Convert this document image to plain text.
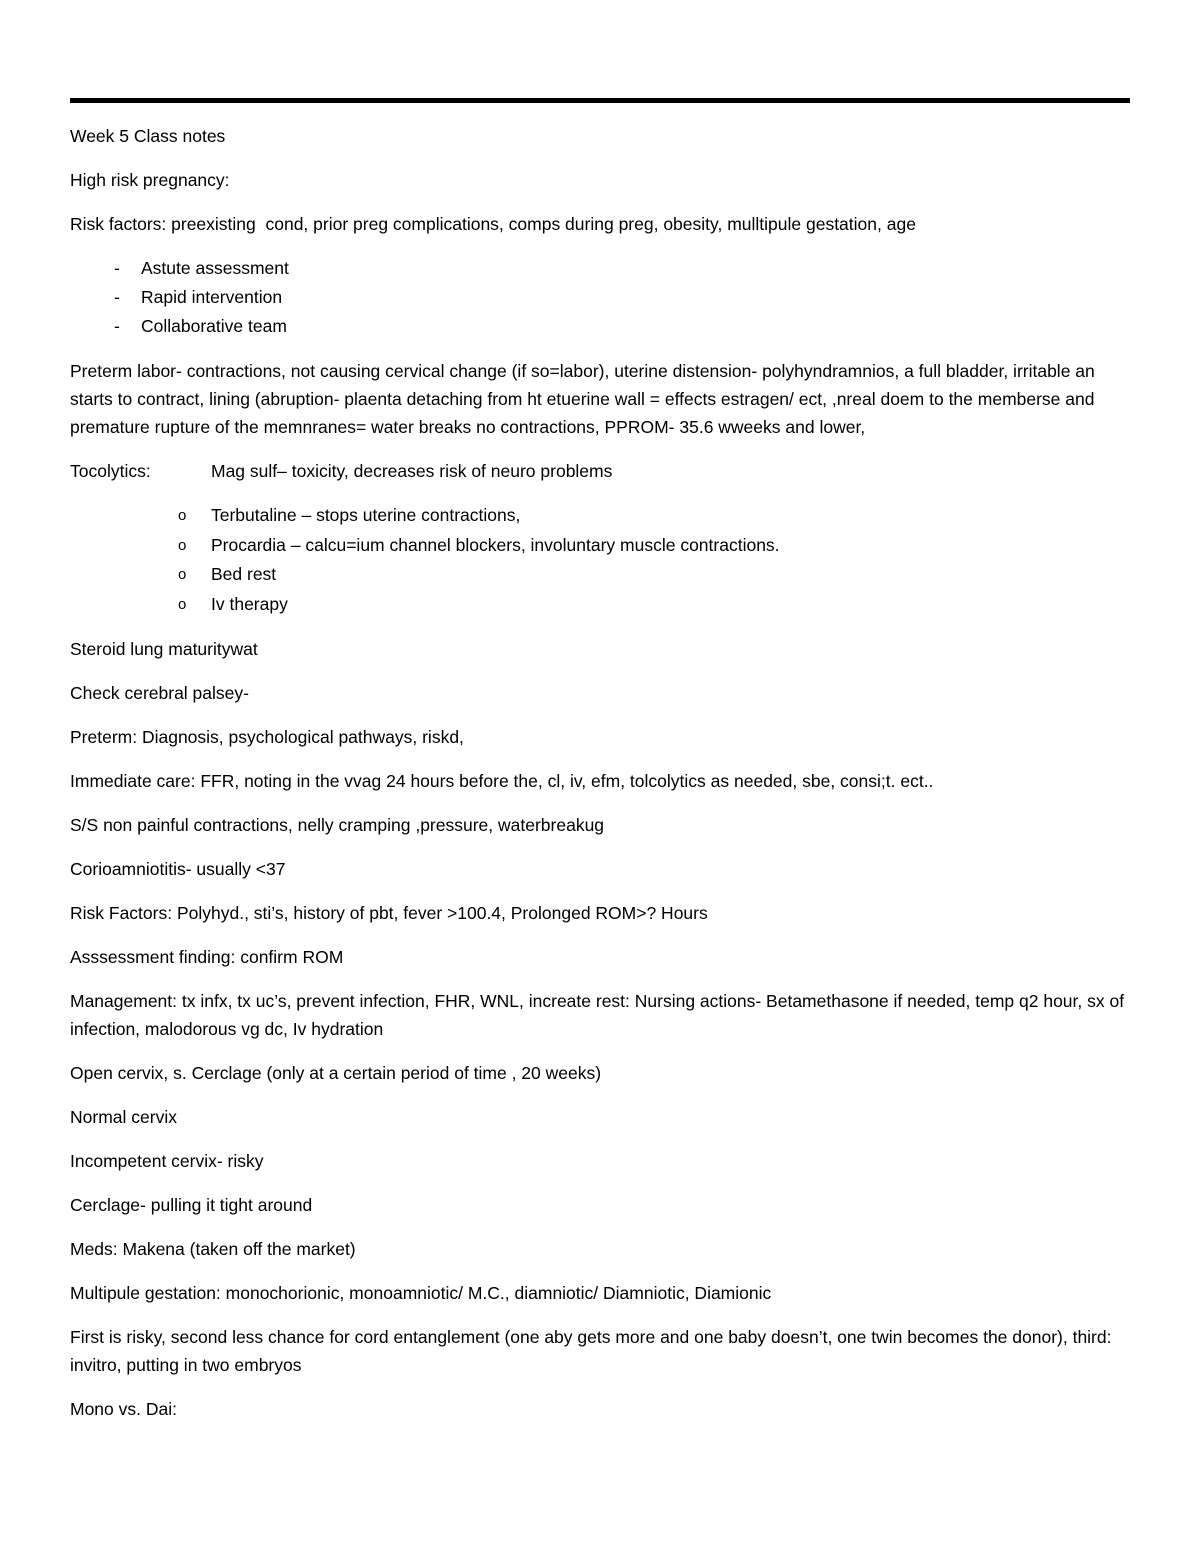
Week 5 Class notes

High risk pregnancy:

Risk factors: preexisting  cond, prior preg complications, comps during preg, obesity, mulltipule gestation, age

- Astute assessment
- Rapid intervention
- Collaborative team

Preterm labor- contractions, not causing cervical change (if so=labor), uterine distension- polyhyndramnios, a full bladder, irritable an starts to contract, lining (abruption- plaenta detaching from ht etuerine wall = effects estragen/ ect, ,nreal doem to the memberse and premature rupture of the memnranes= water breaks no contractions, PPROM- 35.6 wweeks and lower,

Tocolytics:	Mag sulf– toxicity, decreases risk of neuro problems
o Terbutaline – stops uterine contractions,
o Procardia – calcu=ium channel blockers, involuntary muscle contractions.
o Bed rest
o Iv therapy

Steroid lung maturitywat

Check cerebral palsey-

Preterm: Diagnosis, psychological pathways, riskd,

Immediate care: FFR, noting in the vvag 24 hours before the, cl, iv, efm, tolcolytics as needed, sbe, consi;t. ect..

S/S non painful contractions, nelly cramping ,pressure, waterbreakug

Corioamniotitis- usually <37

Risk Factors: Polyhyd., sti’s, history of pbt, fever >100.4, Prolonged ROM>? Hours

Asssessment finding: confirm ROM

Management: tx infx, tx uc’s, prevent infection, FHR, WNL, increate rest: Nursing actions- Betamethasone if needed, temp q2 hour, sx of infection, malodorous vg dc, Iv hydration

Open cervix, s. Cerclage (only at a certain period of time , 20 weeks)

Normal cervix

Incompetent cervix- risky

Cerclage- pulling it tight around

Meds: Makena (taken off the market)

Multipule gestation: monochorionic, monoamniotic/ M.C., diamniotic/ Diamniotic, Diamionic

First is risky, second less chance for cord entanglement (one aby gets more and one baby doesn’t, one twin becomes the donor), third: invitro, putting in two embryos

Mono vs. Dai:
